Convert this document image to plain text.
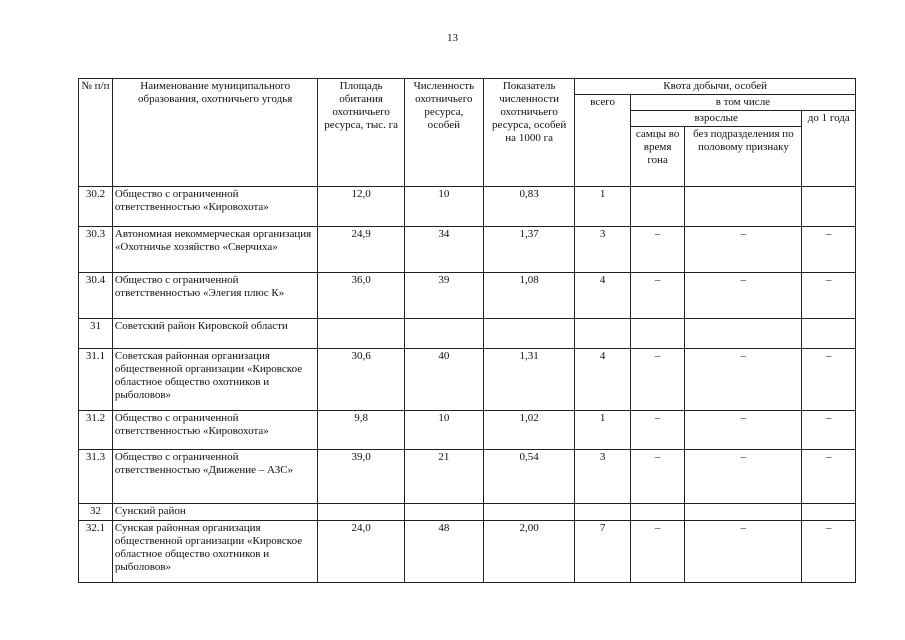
13
№ п/п	Наименование муниципального образования, охотничьего угодья	Площадь обитания охотничьего ресурса, тыс. га	Численность охотничьего ресурса, особей	Показатель численности охотничьего ресурса, особей на 1000 га	Квота добычи, особей			
					всего	в том числе		
						взрослые		до 1 года
						самцы во время гона	без подразделения по половому признаку	
30.2	Общество с ограниченной ответственностью «Кировохота»	12,0	10	0,83	1			
30.3	Автономная некоммерческая организация «Охотничье хозяйство «Сверчиха»	24,9	34	1,37	3	–	–	–
30.4	Общество с ограниченной ответственностью «Элегия плюс К»	36,0	39	1,08	4	–	–	–
31	Советский район Кировской области							
31.1	Советская районная организация общественной организации «Кировское областное общество охотников и рыболовов»	30,6	40	1,31	4	–	–	–
31.2	Общество с ограниченной ответственностью «Кировохота»	9,8	10	1,02	1	–	–	–
31.3	Общество с ограниченной ответственностью «Движение – АЗС»	39,0	21	0,54	3	–	–	–
32	Сунский район							
32.1	Сунская районная организация общественной организации «Кировское областное общество охотников и рыболовов»	24,0	48	2,00	7	–	–	–
